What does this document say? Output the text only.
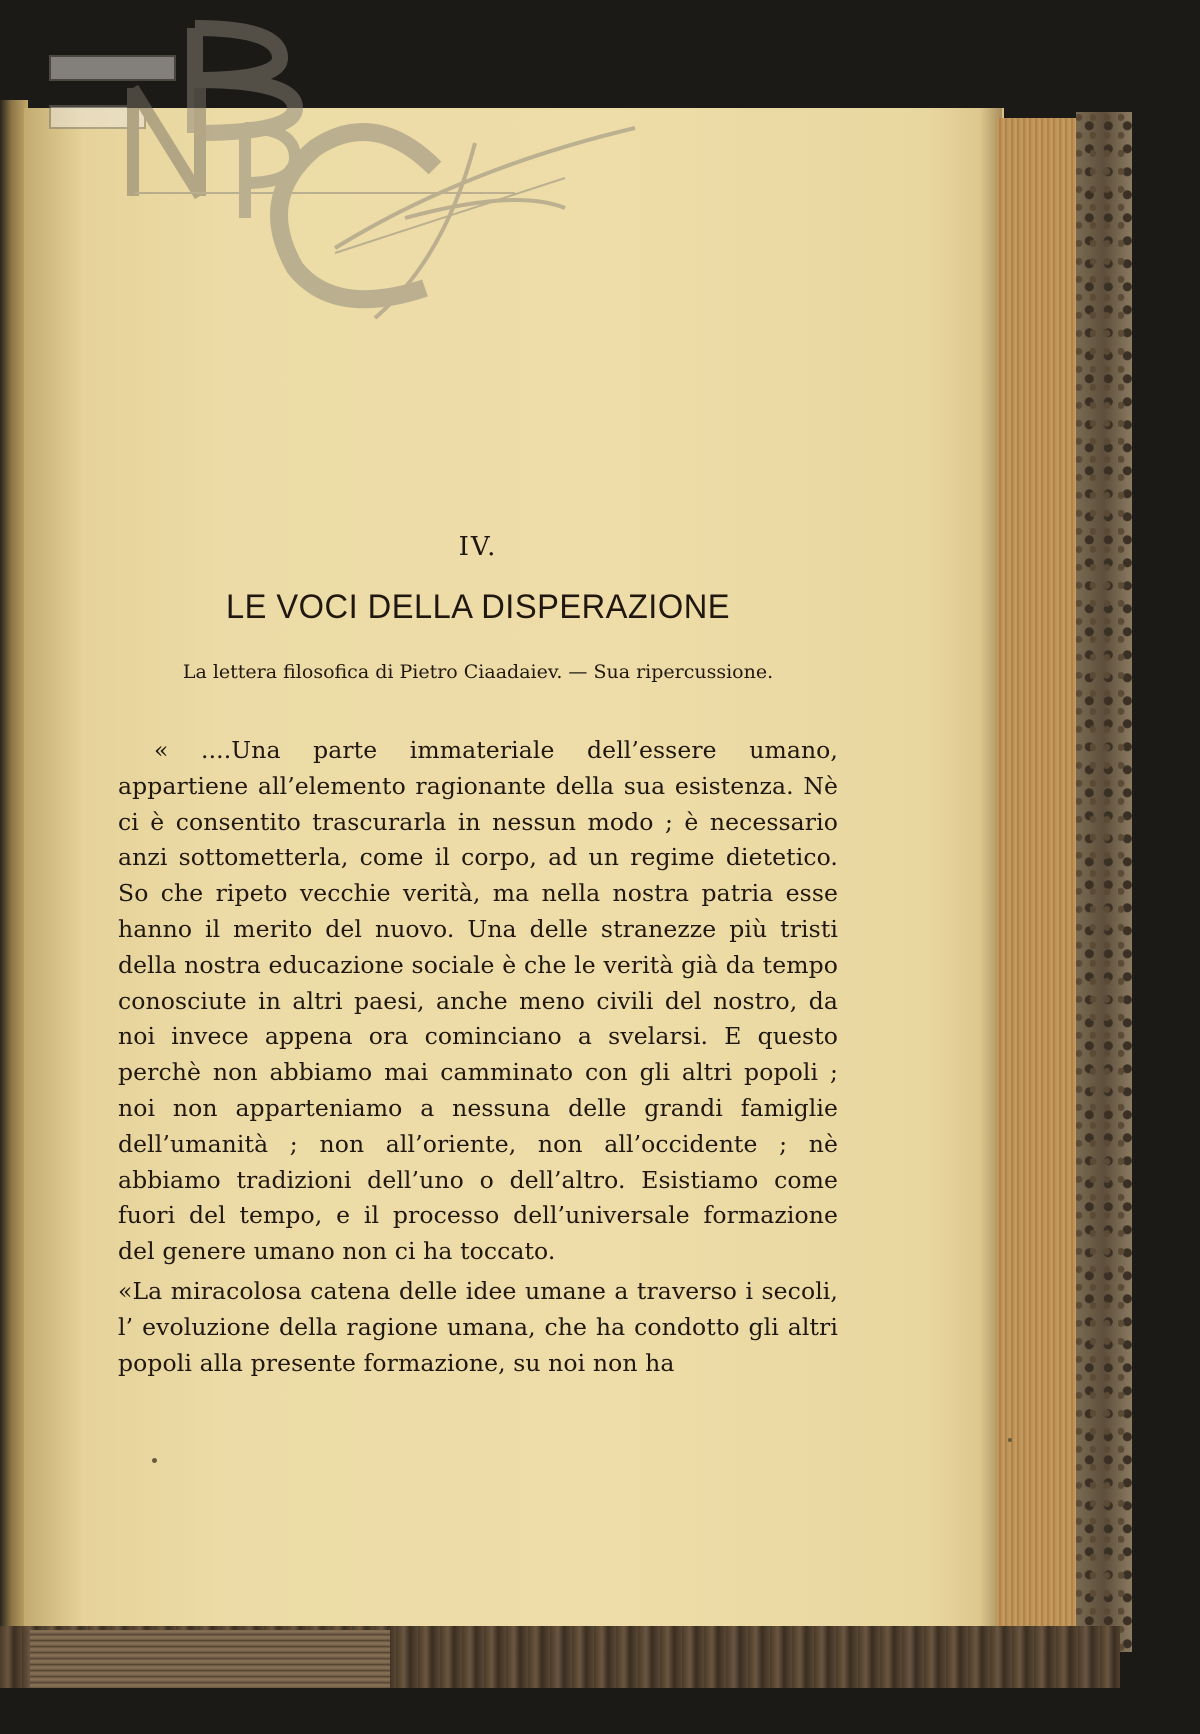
IV.
LE VOCI DELLA DISPERAZIONE
La lettera filosofica di Pietro Ciaadaiev. — Sua ripercussione.

« ....Una parte immateriale dell’essere umano, appartiene all’elemento ragionante della sua esistenza. Nè ci è consentito trascurarla in nessun modo ; è necessario anzi sottometterla, come il corpo, ad un regime dietetico. So che ripeto vecchie verità, ma nella nostra patria esse hanno il merito del nuovo. Una delle stranezze più tristi della nostra educazione sociale è che le verità già da tempo conosciute in altri paesi, anche meno civili del nostro, da noi invece appena ora cominciano a svelarsi. E questo perchè non abbiamo mai camminato con gli altri popoli ; noi non apparteniamo a nessuna delle grandi famiglie dell’umanità ; non all’oriente, non all’occidente ; nè abbiamo tradizioni dell’uno o dell’altro. Esistiamo come fuori del tempo, e il processo dell’universale formazione del genere umano non ci ha toccato.

«La miracolosa catena delle idee umane a traverso i secoli, l’ evoluzione della ragione umana, che ha condotto gli altri popoli alla presente formazione, su noi non ha
